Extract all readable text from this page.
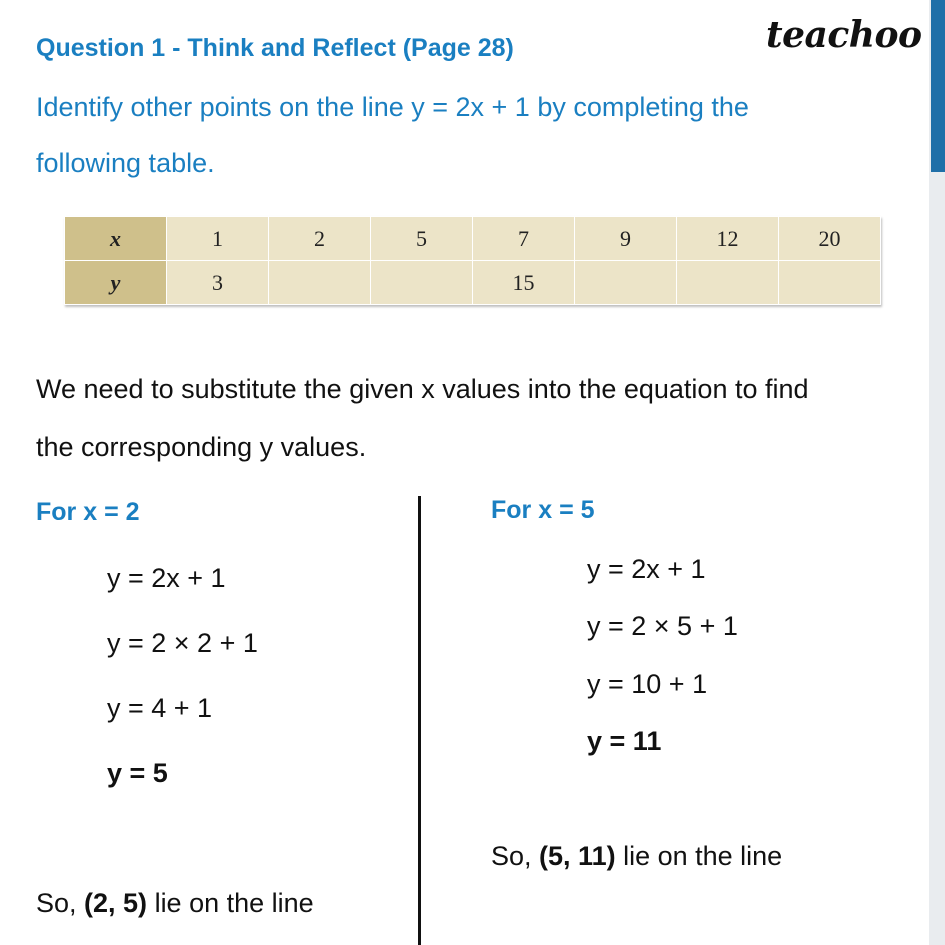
Question 1 - Think and Reflect (Page 28)	teachoo
Identify other points on the line y = 2x + 1 by completing the
following table.
x	1	2	5	7	9	12	20
y	3			15			
We need to substitute the given x values into the equation to find
the corresponding y values.
For x = 2
y = 2x + 1
y = 2 × 2 + 1
y = 4 + 1
y = 5
So, (2, 5) lie on the line
For x = 5
y = 2x + 1
y = 2 × 5 + 1
y = 10 + 1
y = 11
So, (5, 11) lie on the line
